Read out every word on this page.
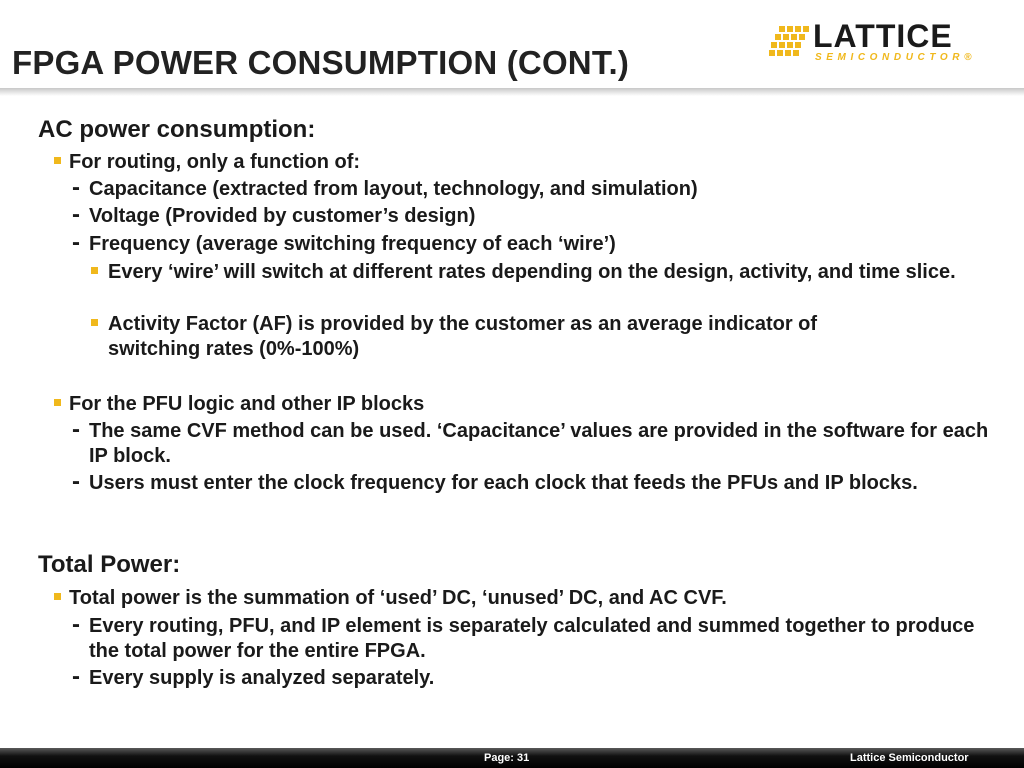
FPGA POWER CONSUMPTION (CONT.)
LATTICE
SEMICONDUCTOR®
AC power consumption:
For routing, only a function of:
- Capacitance (extracted from layout, technology, and simulation)
- Voltage (Provided by customer’s design)
- Frequency (average switching frequency of each ‘wire’)
Every ‘wire’ will switch at different rates depending on the design, activity, and time slice.
Activity Factor (AF) is provided by the customer as an average indicator of switching rates (0%-100%)
For the PFU logic and other IP blocks
- The same CVF method can be used. ‘Capacitance’ values are provided in the software for each IP block.
- Users must enter the clock frequency for each clock that feeds the PFUs and IP blocks.
Total Power:
Total power is the summation of ‘used’ DC, ‘unused’ DC, and AC CVF.
- Every routing, PFU, and IP element is separately calculated and summed together to produce the total power for the entire FPGA.
- Every supply is analyzed separately.
Page: 31	Lattice Semiconductor
